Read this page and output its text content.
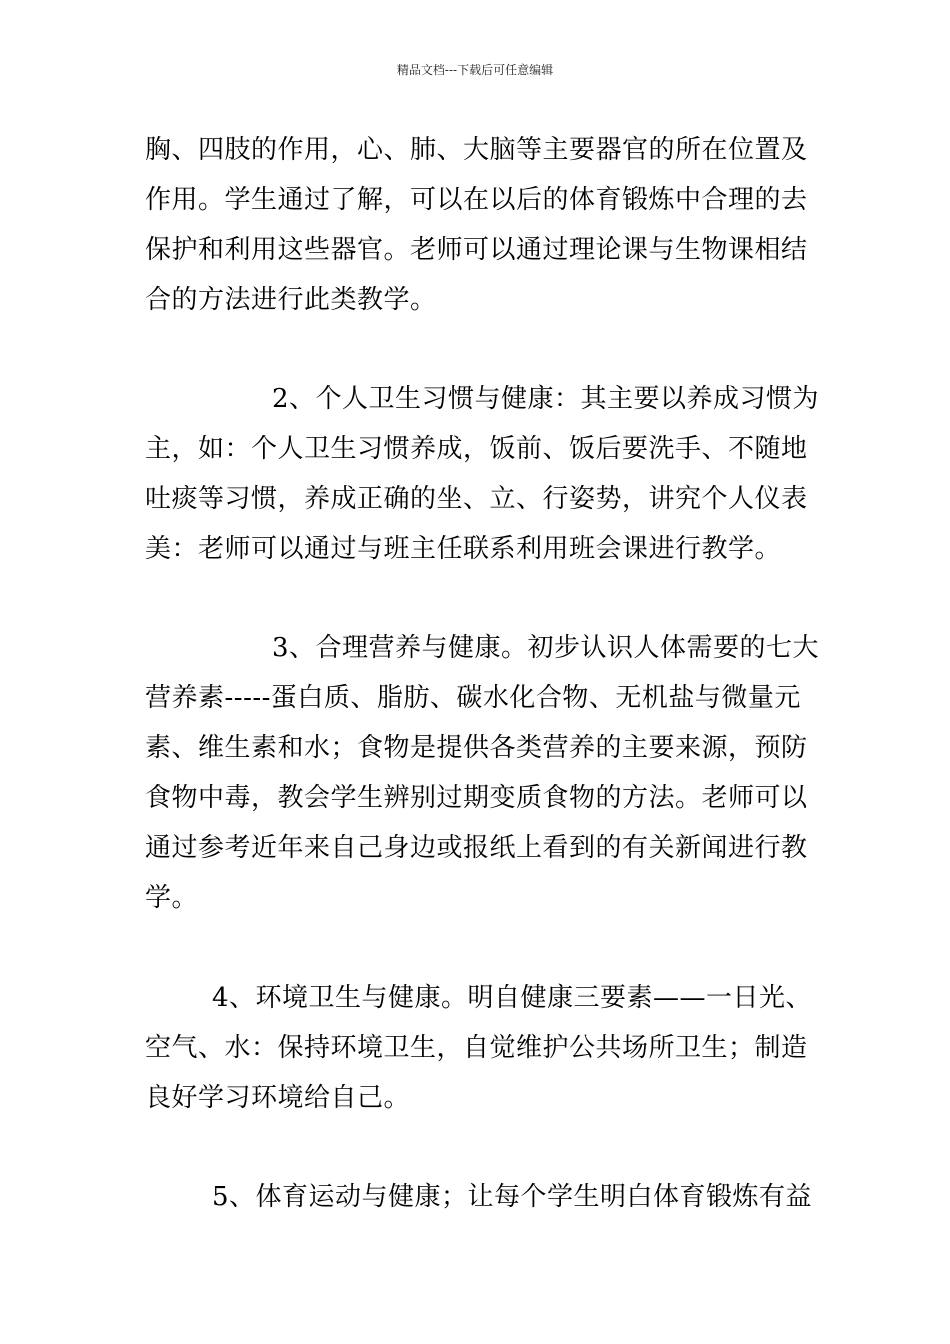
精品文档---下载后可任意编辑
胸、四肢的作用，心、肺、大脑等主要器官的所在位置及
作用。学生通过了解，可以在以后的体育锻炼中合理的去
保护和利用这些器官。老师可以通过理论课与生物课相结
合的方法进行此类教学。
2、个人卫生习惯与健康：其主要以养成习惯为
主，如：个人卫生习惯养成，饭前、饭后要洗手、不随地
吐痰等习惯，养成正确的坐、立、行姿势，讲究个人仪表
美：老师可以通过与班主任联系利用班会课进行教学。
3、合理营养与健康。初步认识人体需要的七大
营养素-----蛋白质、脂肪、碳水化合物、无机盐与微量元
素、维生素和水；食物是提供各类营养的主要来源，预防
食物中毒，教会学生辨别过期变质食物的方法。老师可以
通过参考近年来自己身边或报纸上看到的有关新闻进行教
学。
4、环境卫生与健康。明自健康三要素——一日光、
空气、水：保持环境卫生，自觉维护公共场所卫生；制造
良好学习环境给自己。
5、体育运动与健康；让每个学生明白体育锻炼有益
